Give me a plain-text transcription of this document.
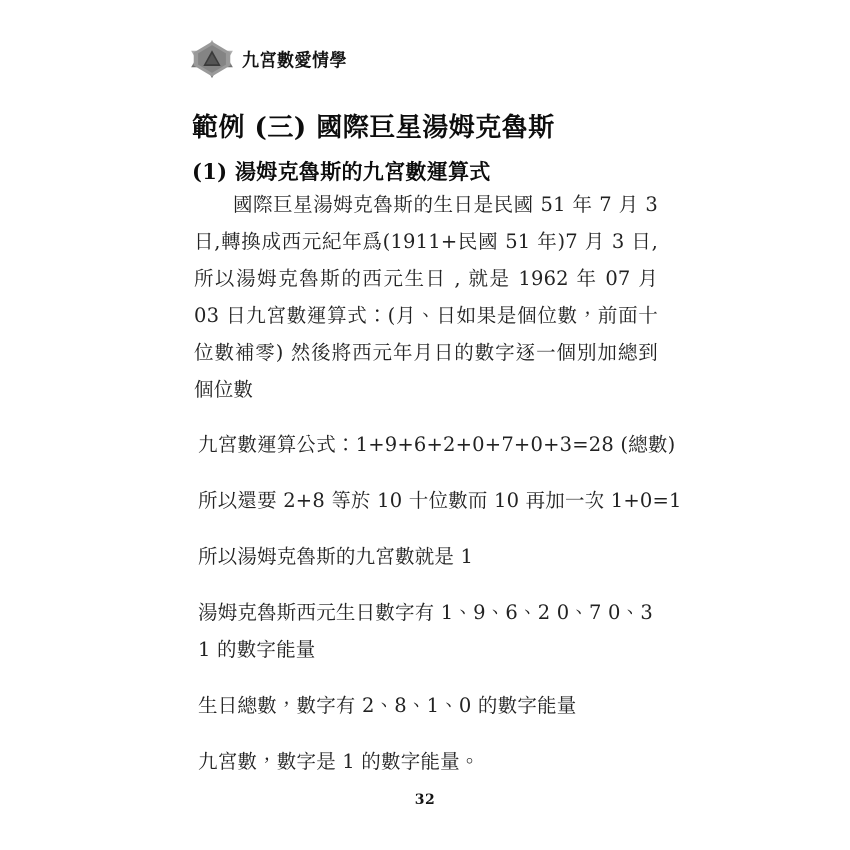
九宮數愛情學
範例 (三) 國際巨星湯姆克魯斯
(1) 湯姆克魯斯的九宮數運算式

國際巨星湯姆克魯斯的生日是民國 51 年 7 月 3 日,轉換成西元紀年爲(1911+民國 51 年)7 月 3 日, 所以湯姆克魯斯的西元生日 , 就是 1962 年 07 月 03 日九宮數運算式：(月、日如果是個位數，前面十位數補零) 然後將西元年月日的數字逐一個別加總到個位數

九宮數運算公式：1+9+6+2+0+7+0+3=28 (總數)

所以還要 2+8 等於 10 十位數而 10 再加一次 1+0=1

所以湯姆克魯斯的九宮數就是 1

湯姆克魯斯西元生日數字有 1、9、6、2 0、7 0、3

1 的數字能量

生日總數，數字有 2、8、1、0 的數字能量

九宮數，數字是 1 的數字能量。

32
